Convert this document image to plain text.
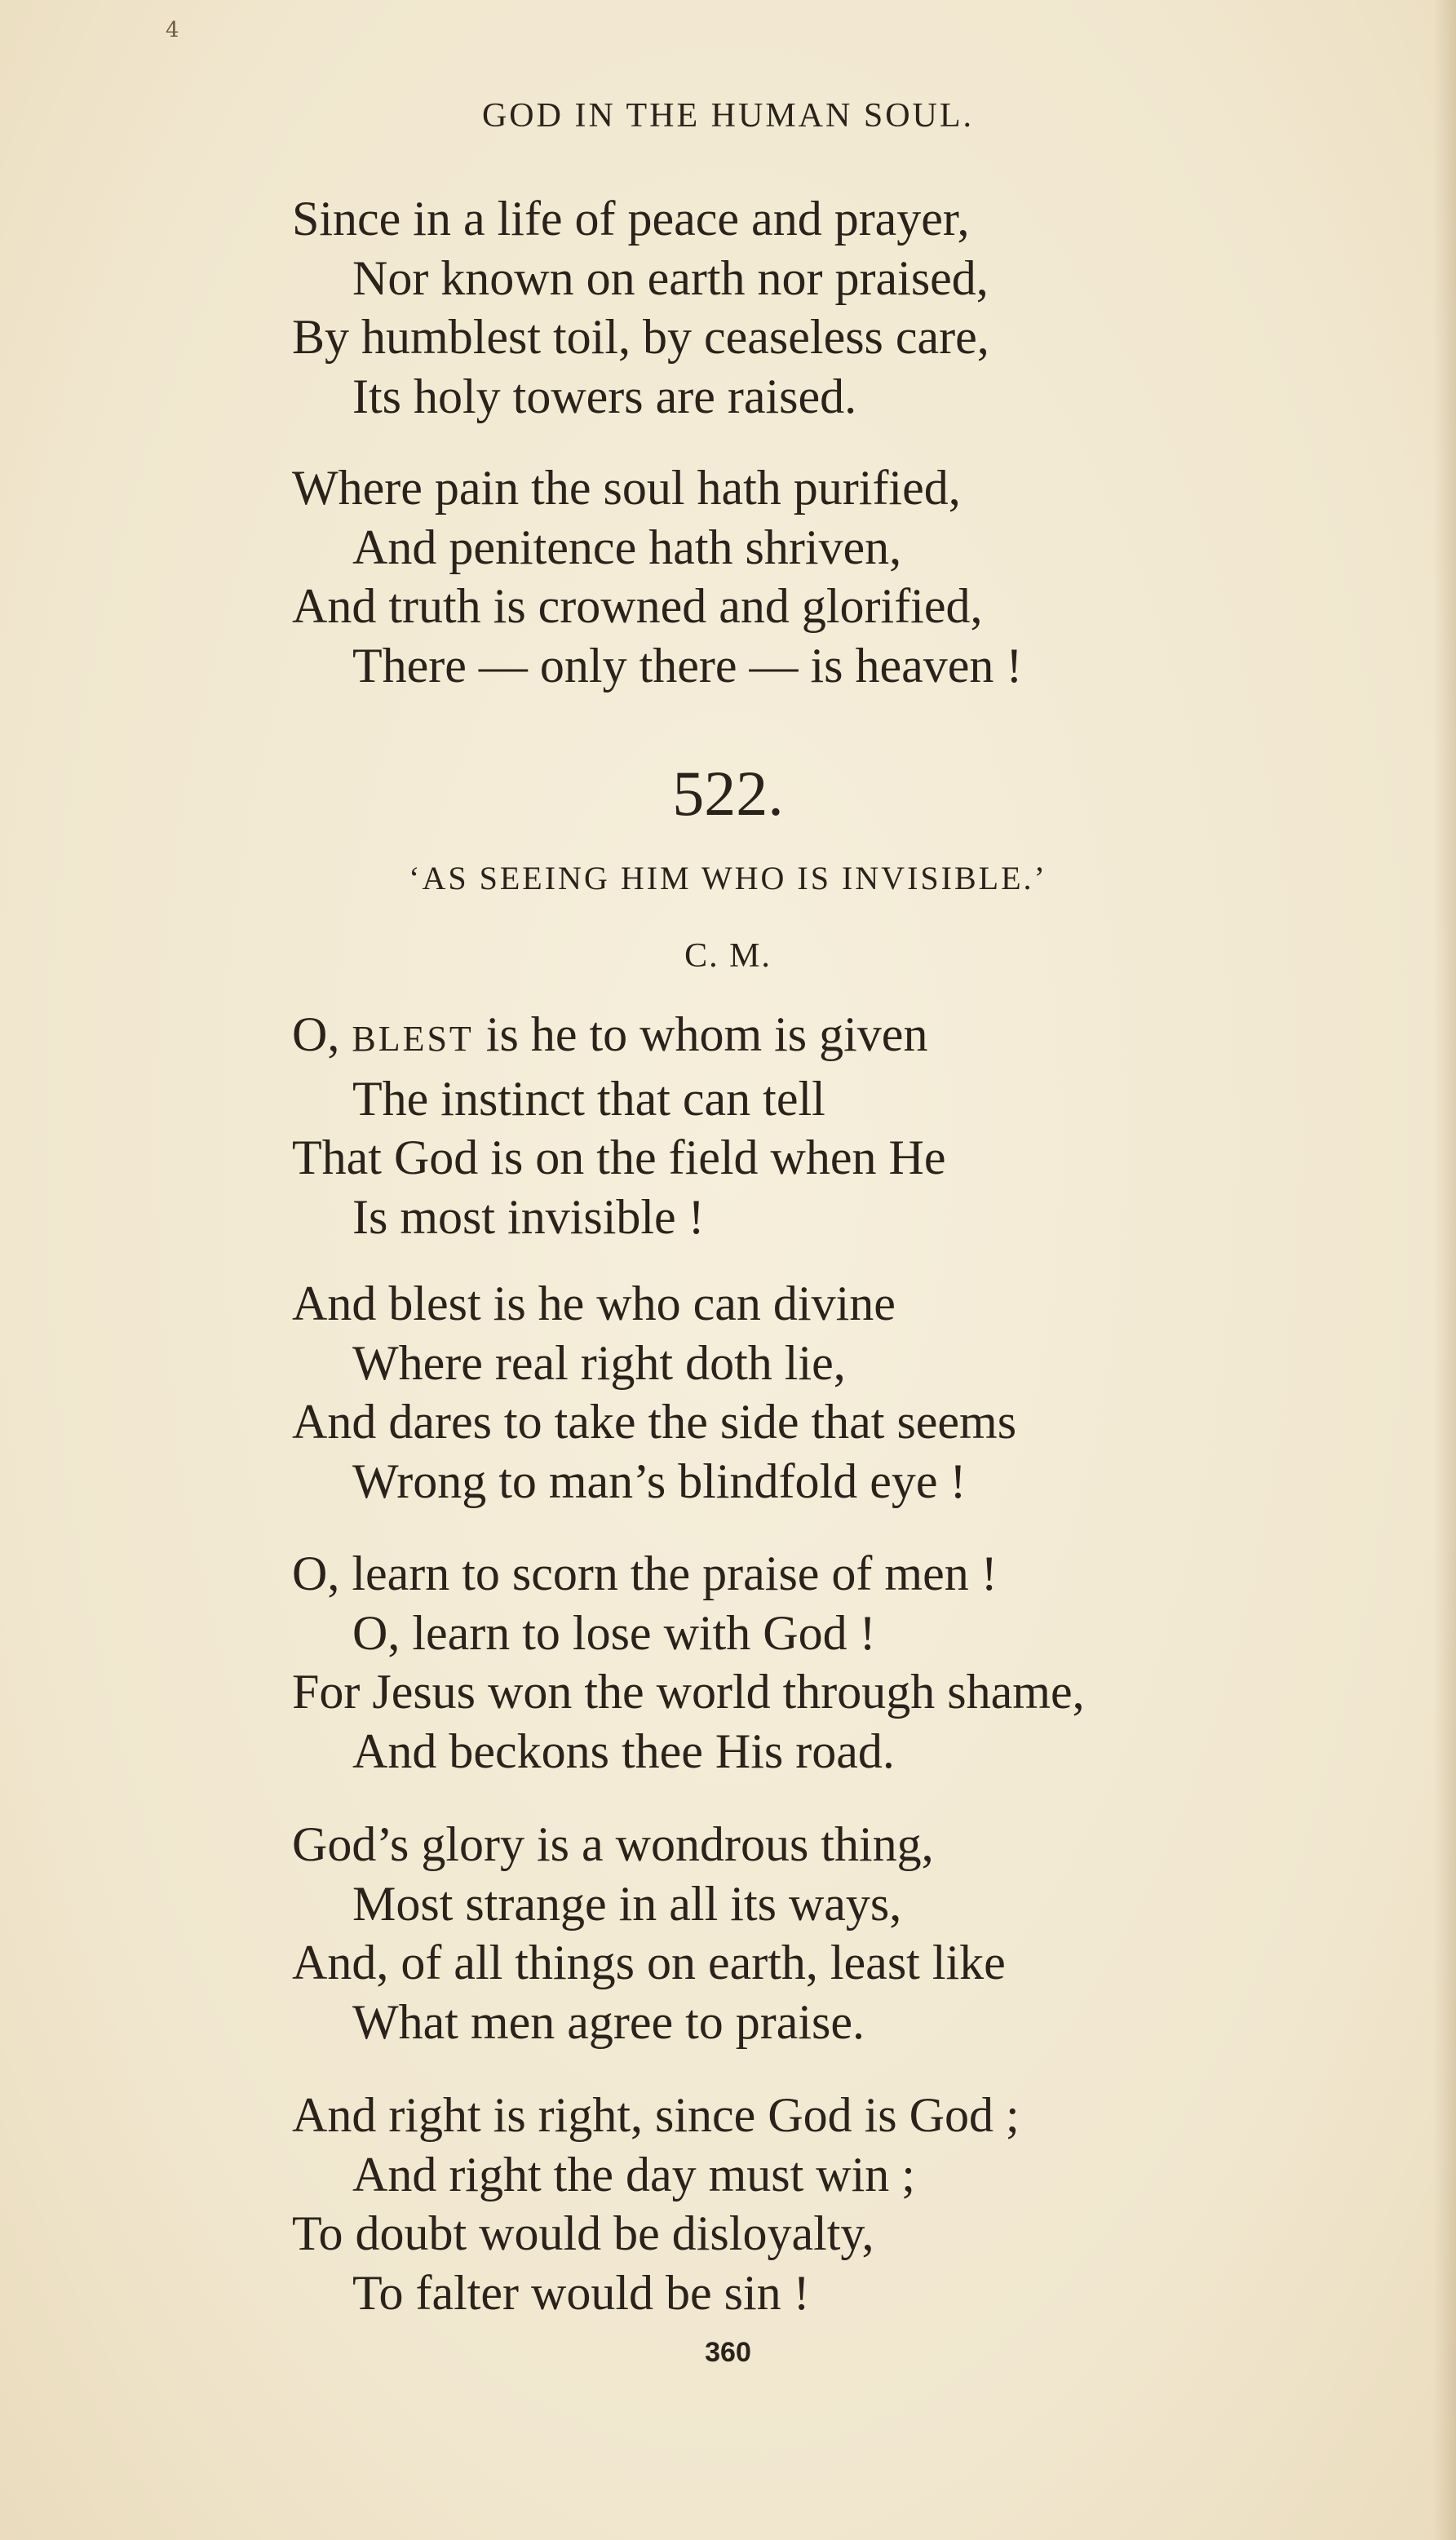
4
GOD IN THE HUMAN SOUL.
Since in a life of peace and prayer,
Nor known on earth nor praised,
By humblest toil, by ceaseless care,
Its holy towers are raised.
Where pain the soul hath purified,
And penitence hath shriven,
And truth is crowned and glorified,
There — only there — is heaven !
522.
‘AS SEEING HIM WHO IS INVISIBLE.’
C. M.
O, BLEST is he to whom is given
The instinct that can tell
That God is on the field when He
Is most invisible !
And blest is he who can divine
Where real right doth lie,
And dares to take the side that seems
Wrong to man’s blindfold eye !
O, learn to scorn the praise of men !
O, learn to lose with God !
For Jesus won the world through shame,
And beckons thee His road.
God’s glory is a wondrous thing,
Most strange in all its ways,
And, of all things on earth, least like
What men agree to praise.
And right is right, since God is God ;
And right the day must win ;
To doubt would be disloyalty,
To falter would be sin !
360
